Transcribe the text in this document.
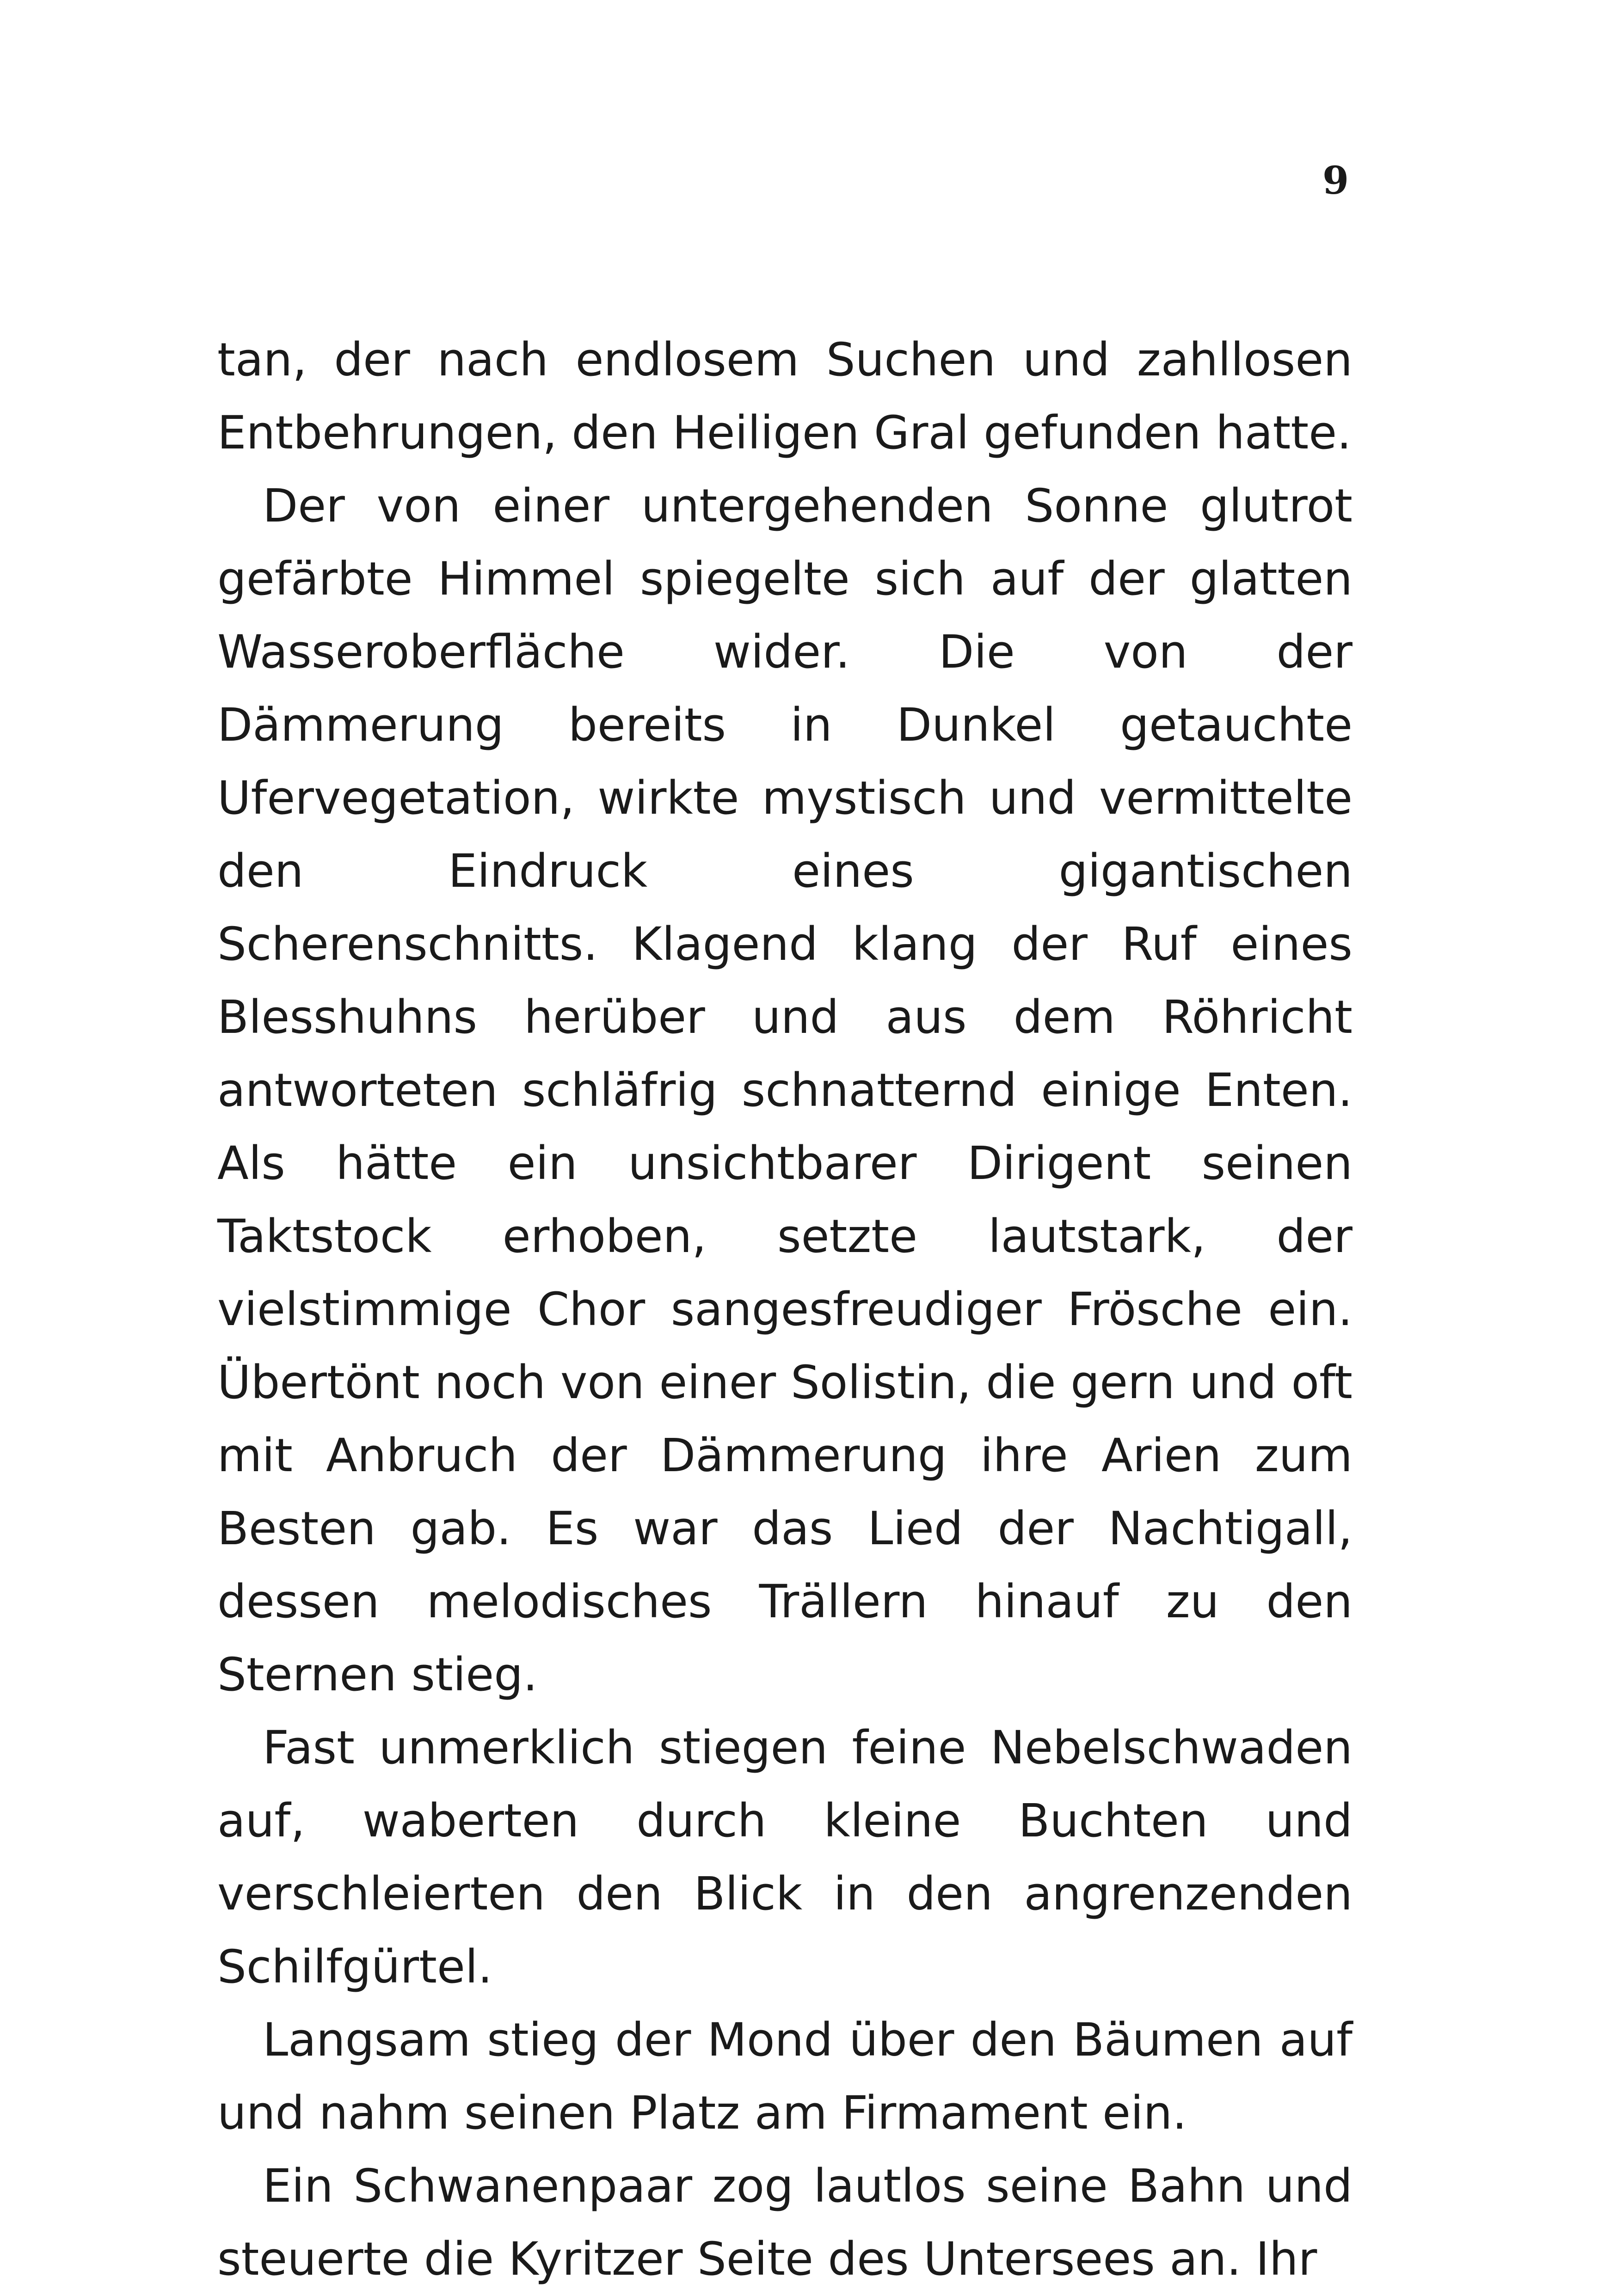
9

tan, der nach endlosem Suchen und zahllosen Entbehrungen, den Heiligen Gral gefunden hatte.

Der von einer untergehenden Sonne glutrot gefärbte Himmel spiegelte sich auf der glatten Wasseroberfläche wider. Die von der Dämmerung bereits in Dunkel getauchte Ufervegetation, wirkte mystisch und vermittelte den Eindruck eines gigantischen Scherenschnitts. Klagend klang der Ruf eines Blesshuhns herüber und aus dem Röhricht antworteten schläfrig schnatternd einige Enten. Als hätte ein unsichtbarer Dirigent seinen Taktstock erhoben, setzte lautstark, der vielstimmige Chor sangesfreudiger Frösche ein. Übertönt noch von einer Solistin, die gern und oft mit Anbruch der Dämmerung ihre Arien zum Besten gab. Es war das Lied der Nachtigall, dessen melodisches Trällern hinauf zu den Sternen stieg.

Fast unmerklich stiegen feine Nebelschwaden auf, waberten durch kleine Buchten und verschleierten den Blick in den angrenzenden Schilfgürtel.

Langsam stieg der Mond über den Bäumen auf und nahm seinen Platz am Firmament ein.

Ein Schwanenpaar zog lautlos seine Bahn und steuerte die Kyritzer Seite des Untersees an. Ihr
